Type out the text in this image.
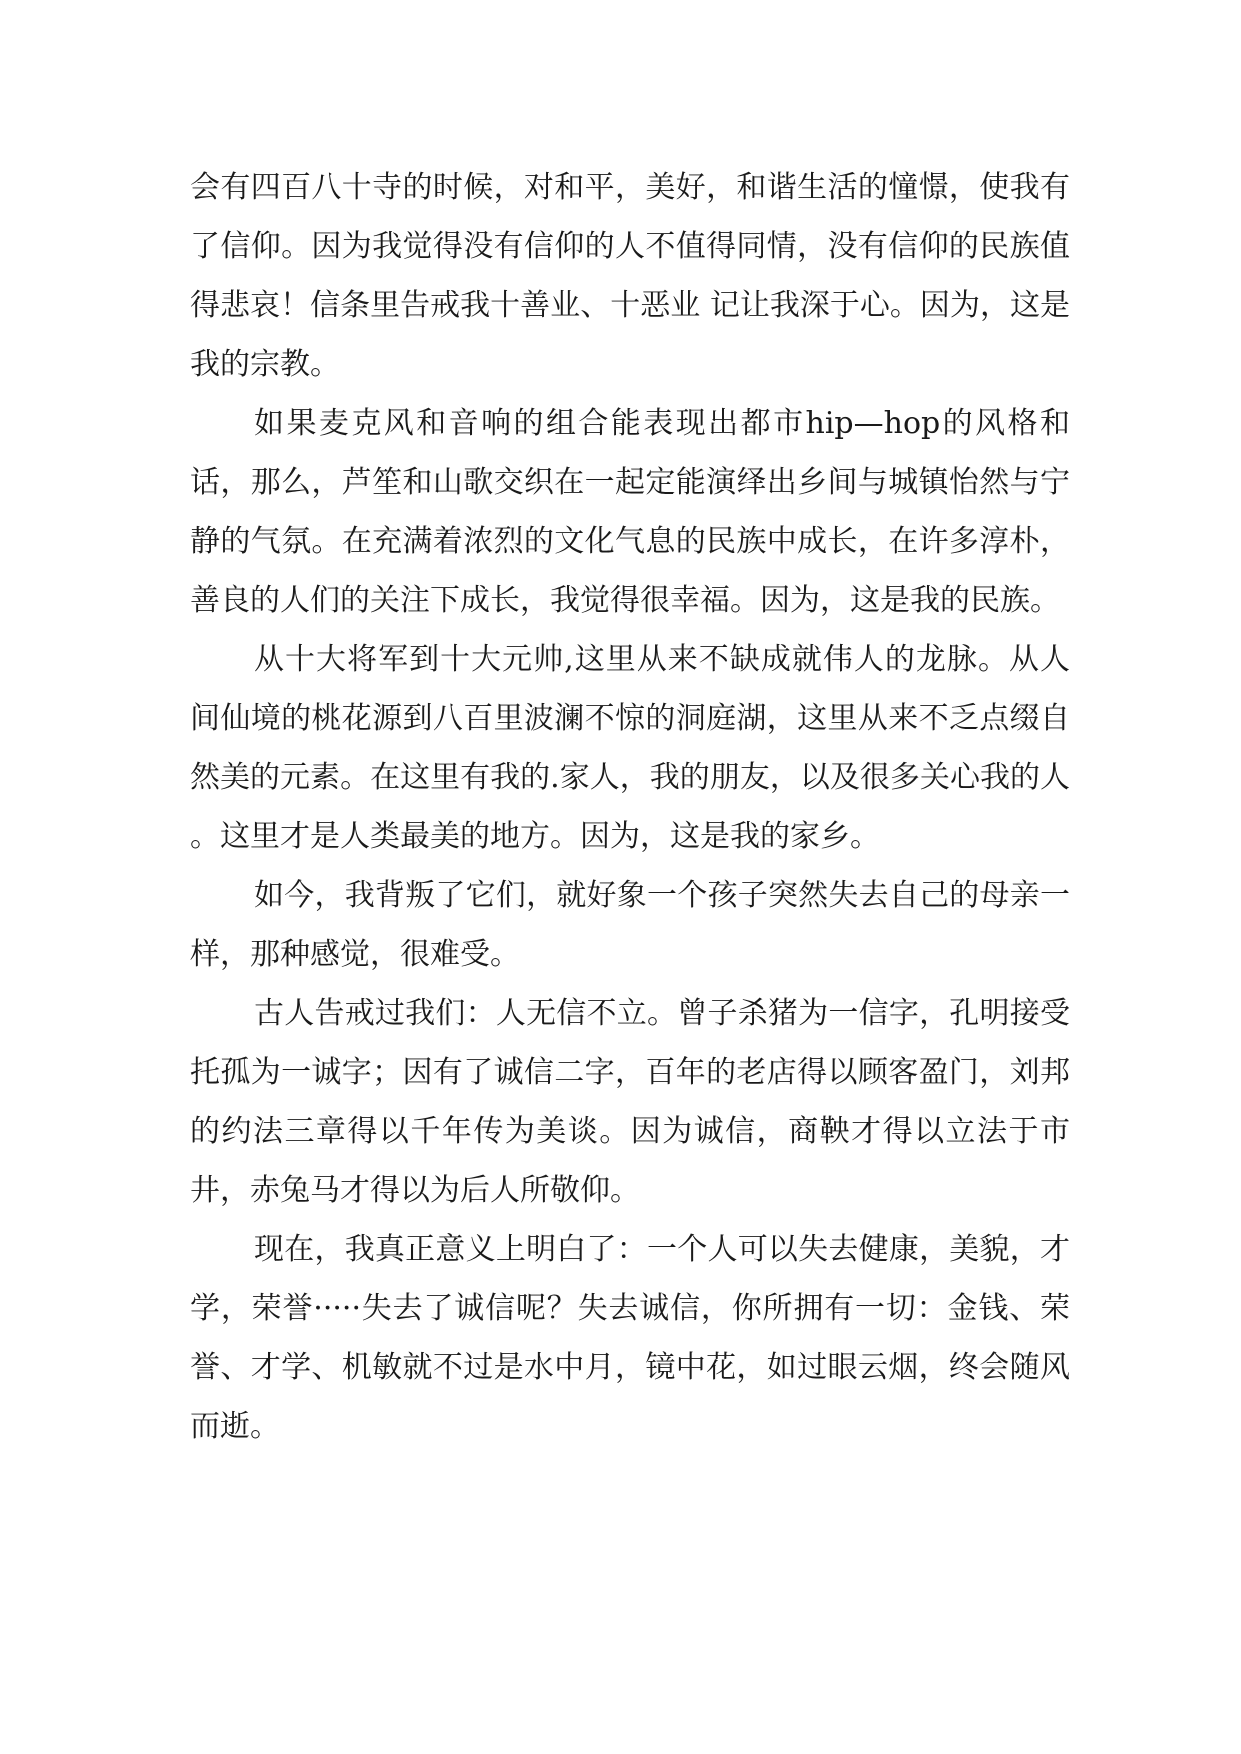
会有四百八十寺的时候，对和平，美好，和谐生活的憧憬，使我有了信仰。因为我觉得没有信仰的人不值得同情，没有信仰的民族值得悲哀！信条里告戒我十善业、十恶业 记让我深于心。因为，这是我的宗教。

如果麦克风和音响的组合能表现出都市hip—hop的风格和话，那么，芦笙和山歌交织在一起定能演绎出乡间与城镇怡然与宁静的气氛。在充满着浓烈的文化气息的民族中成长，在许多淳朴，善良的人们的关注下成长，我觉得很幸福。因为，这是我的民族。

从十大将军到十大元帅,这里从来不缺成就伟人的龙脉。从人间仙境的桃花源到八百里波澜不惊的洞庭湖，这里从来不乏点缀自然美的元素。在这里有我的.家人，我的朋友，以及很多关心我的人 。这里才是人类最美的地方。因为，这是我的家乡。

如今，我背叛了它们，就好象一个孩子突然失去自己的母亲一样，那种感觉，很难受。

古人告戒过我们：人无信不立。曾子杀猪为一信字，孔明接受托孤为一诚字；因有了诚信二字，百年的老店得以顾客盈门，刘邦的约法三章得以千年传为美谈。因为诚信，商鞅才得以立法于市井，赤兔马才得以为后人所敬仰。

现在，我真正意义上明白了：一个人可以失去健康，美貌，才学，荣誉·····失去了诚信呢？失去诚信，你所拥有一切：金钱、荣誉、才学、机敏就不过是水中月，镜中花，如过眼云烟，终会随风而逝。
